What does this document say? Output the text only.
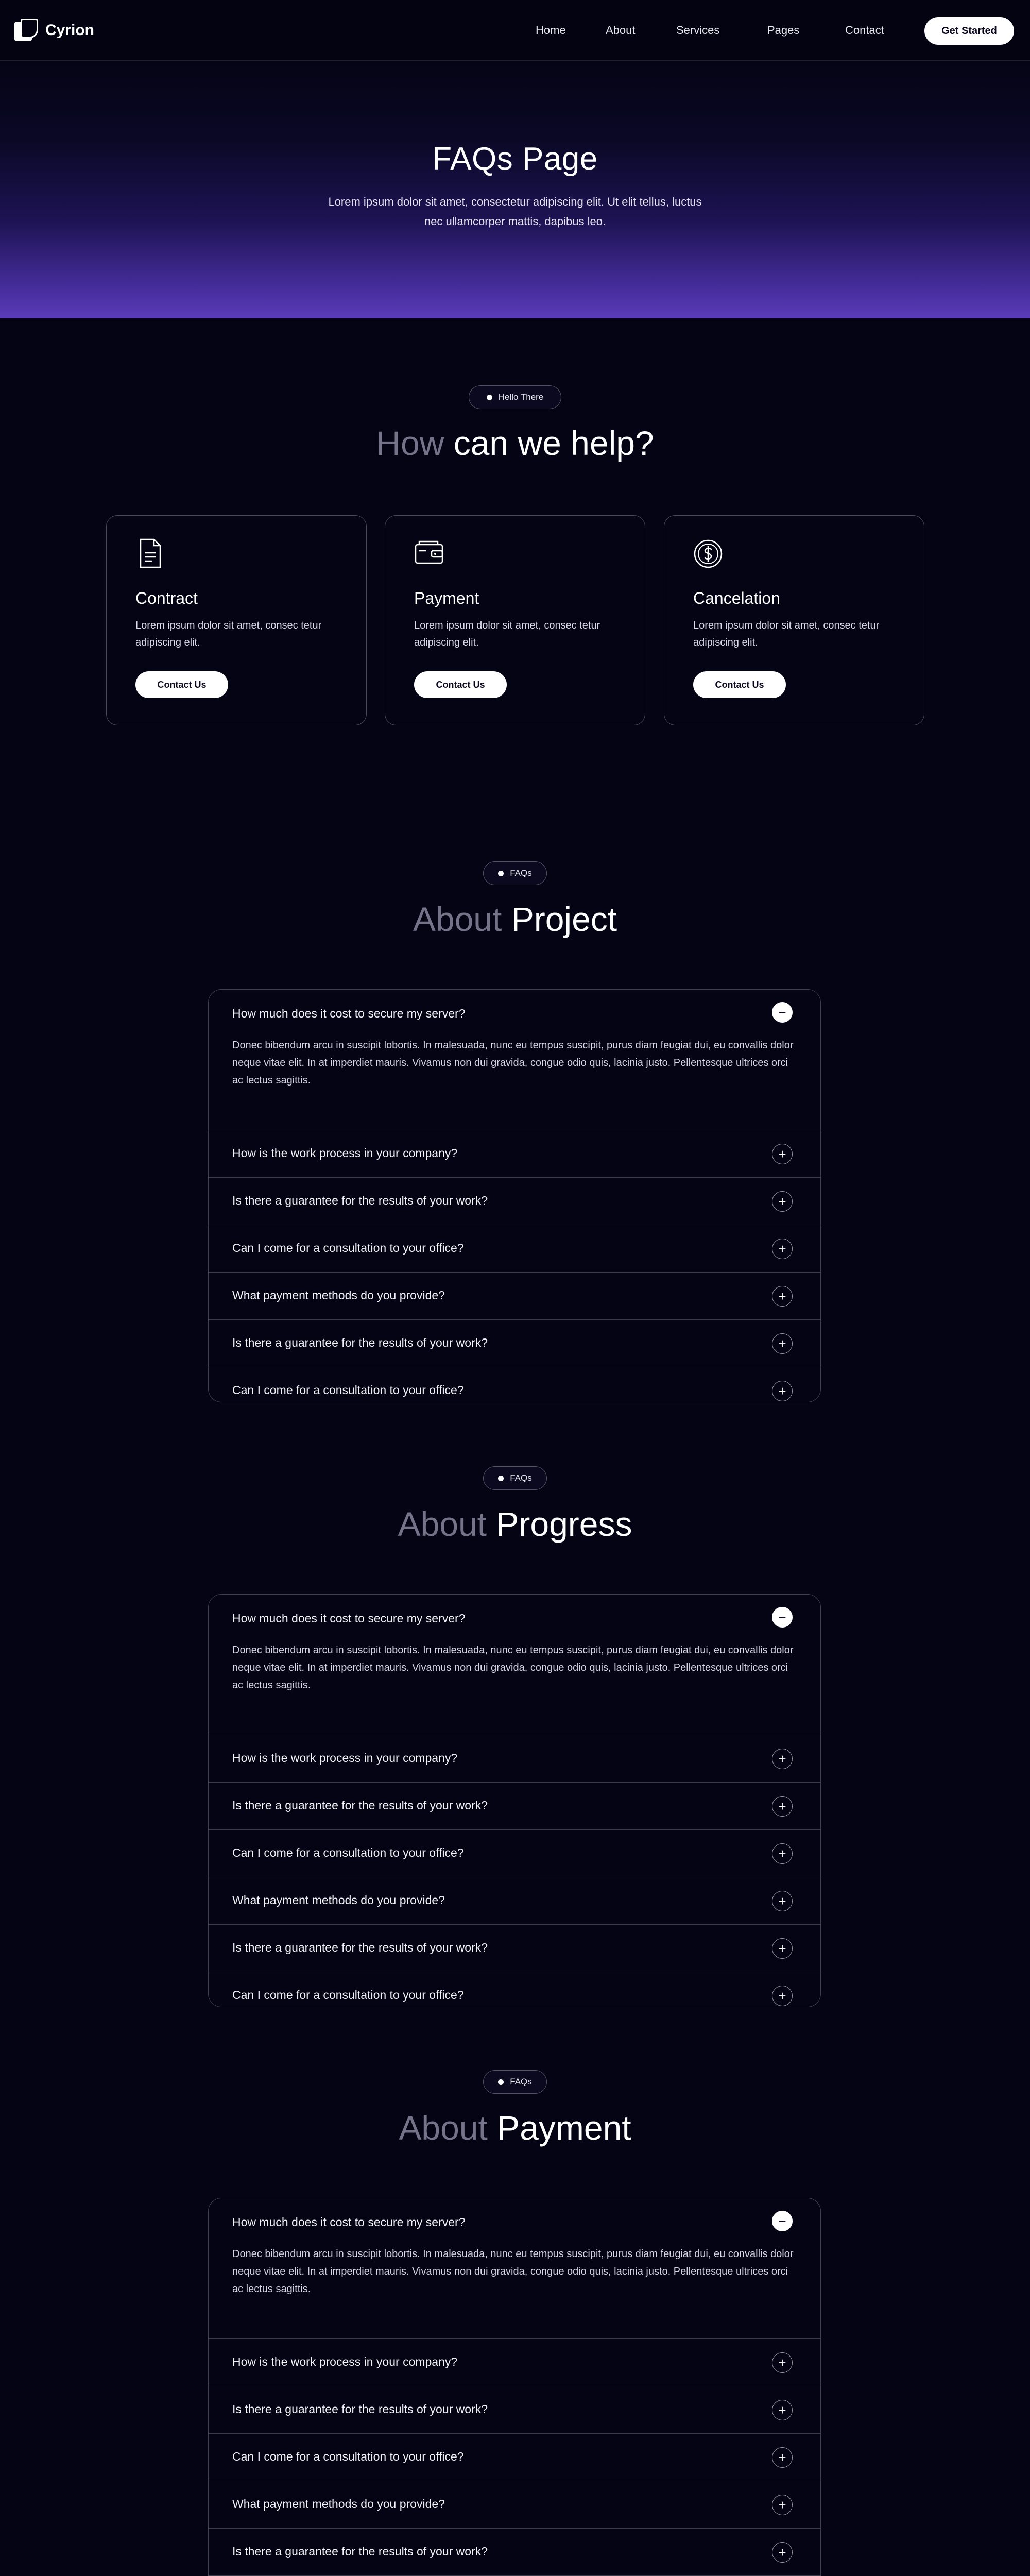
Cyrion	Home	About	Services	Pages	Contact	Get Started
FAQs Page

Lorem ipsum dolor sit amet, consectetur adipiscing elit. Ut elit tellus, luctus nec ullamcorper mattis, dapibus leo.

Hello There
How can we help?
Contract
Lorem ipsum dolor sit amet, consec tetur adipiscing elit.
Contact Us
Payment
Lorem ipsum dolor sit amet, consec tetur adipiscing elit.
Contact Us
Cancelation
Lorem ipsum dolor sit amet, consec tetur adipiscing elit.
Contact Us
FAQs
About Project
How much does it cost to secure my server?	−

Donec bibendum arcu in suscipit lobortis. In malesuada, nunc eu tempus suscipit, purus diam feugiat dui, eu convallis dolor neque vitae elit. In at imperdiet mauris. Vivamus non dui gravida, congue odio quis, lacinia justo. Pellentesque ultrices orci ac lectus sagittis.

How is the work process in your company?	+
Is there a guarantee for the results of your work?	+
Can I come for a consultation to your office?	+
What payment methods do you provide?	+
Is there a guarantee for the results of your work?	+
Can I come for a consultation to your office?	+
FAQs
About Progress
How much does it cost to secure my server?	−

Donec bibendum arcu in suscipit lobortis. In malesuada, nunc eu tempus suscipit, purus diam feugiat dui, eu convallis dolor neque vitae elit. In at imperdiet mauris. Vivamus non dui gravida, congue odio quis, lacinia justo. Pellentesque ultrices orci ac lectus sagittis.

How is the work process in your company?	+
Is there a guarantee for the results of your work?	+
Can I come for a consultation to your office?	+
What payment methods do you provide?	+
Is there a guarantee for the results of your work?	+
Can I come for a consultation to your office?	+
FAQs
About Payment
How much does it cost to secure my server?	−

Donec bibendum arcu in suscipit lobortis. In malesuada, nunc eu tempus suscipit, purus diam feugiat dui, eu convallis dolor neque vitae elit. In at imperdiet mauris. Vivamus non dui gravida, congue odio quis, lacinia justo. Pellentesque ultrices orci ac lectus sagittis.

How is the work process in your company?	+
Is there a guarantee for the results of your work?	+
Can I come for a consultation to your office?	+
What payment methods do you provide?	+
Is there a guarantee for the results of your work?	+
